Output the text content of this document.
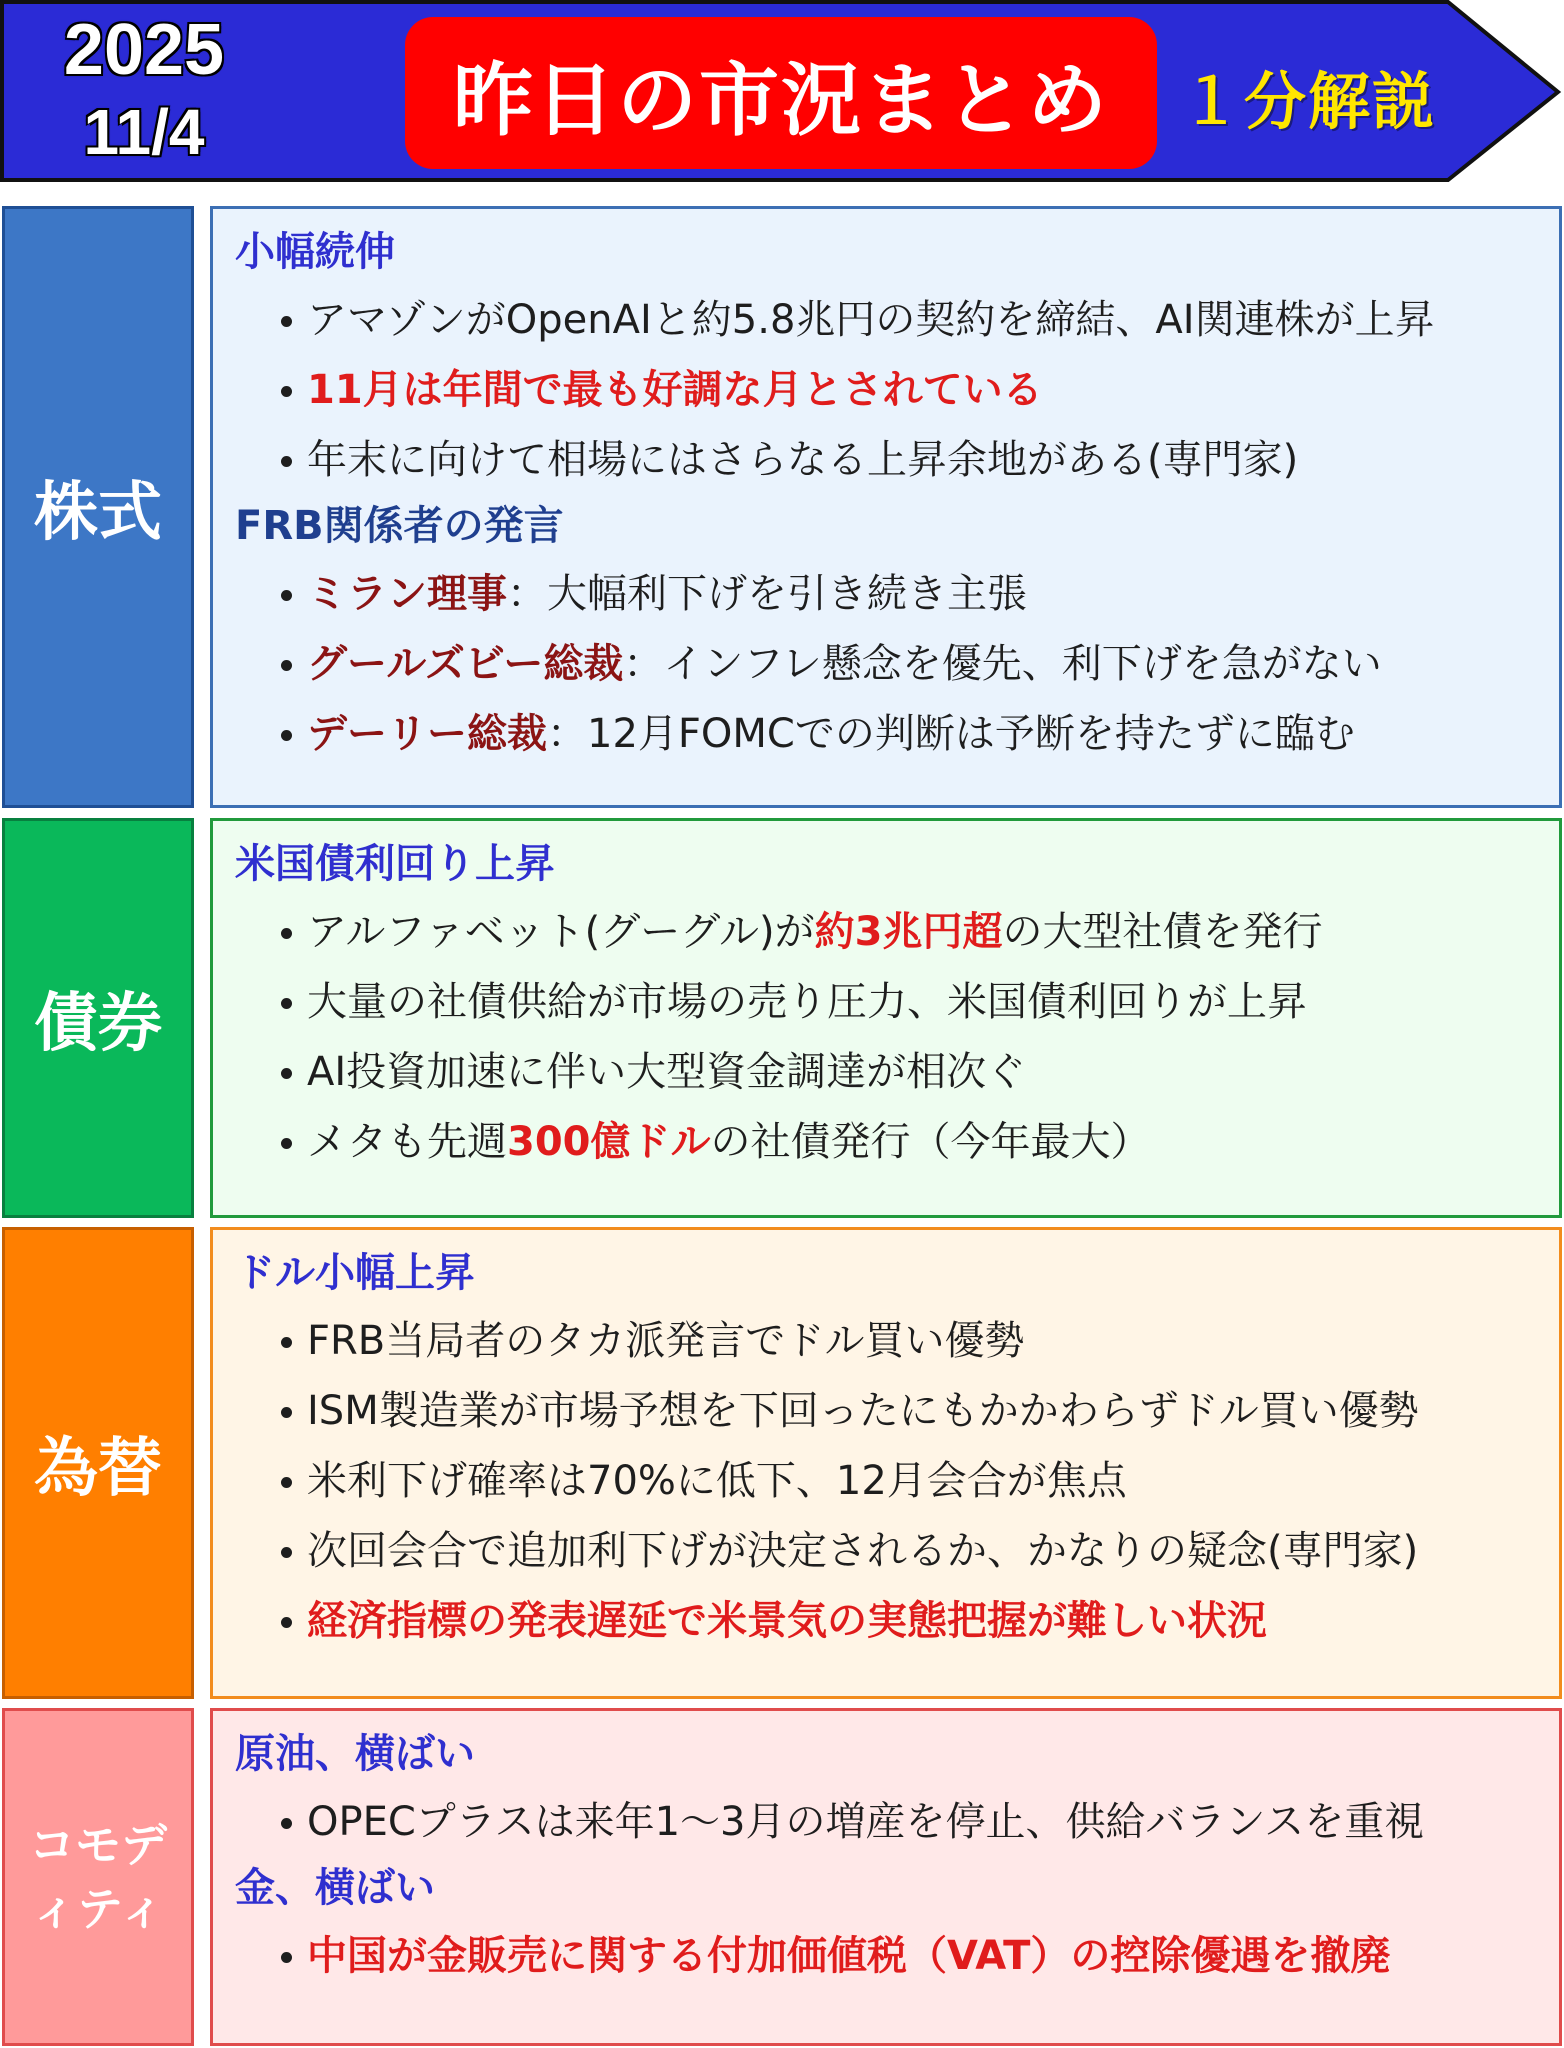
2025
11/4	昨日の市況まとめ １分解説
株式
小幅続伸
アマゾンがOpenAIと約5.8兆円の契約を締結、AI関連株が上昇
11月は年間で最も好調な月とされている
年末に向けて相場にはさらなる上昇余地がある(専門家)
FRB関係者の発言
ミラン理事：大幅利下げを引き続き主張
グールズビー総裁：インフレ懸念を優先、利下げを急がない
デーリー総裁：12月FOMCでの判断は予断を持たずに臨む
債券
米国債利回り上昇
アルファベット(グーグル)が約3兆円超の大型社債を発行
大量の社債供給が市場の売り圧力、米国債利回りが上昇
AI投資加速に伴い大型資金調達が相次ぐ
メタも先週300億ドルの社債発行（今年最大）
為替
ドル小幅上昇
FRB当局者のタカ派発言でドル買い優勢
ISM製造業が市場予想を下回ったにもかかわらずドル買い優勢
米利下げ確率は70%に低下、12月会合が焦点
次回会合で追加利下げが決定されるか、かなりの疑念(専門家)
経済指標の発表遅延で米景気の実態把握が難しい状況
コモデ
ィティ
原油、横ばい
OPECプラスは来年1〜3月の増産を停止、供給バランスを重視
金、横ばい
中国が金販売に関する付加価値税（VAT）の控除優遇を撤廃
